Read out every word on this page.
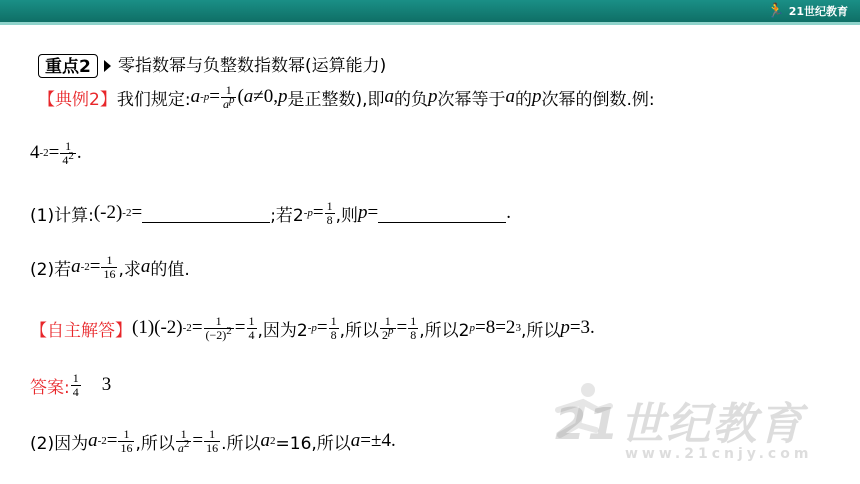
🏃 21世纪教育
重点2	零指数幂与负整数指数幂(运算能力)
【典例2】 我们规定: a $-p = \frac{1}{a^p}$ ( a ≠0, p 是正整数),即 a 的负 p 次幂等于 a 的 p 次幂的倒数.例:
4 $-2 = \frac{1}{4^2}$ .
(1)计算: (-2) -2 =	;若2 $-p = \frac{1}{8}$ ,则 p =	.
(2)若 a $-2 = \frac{1}{16}$ ,求 a 的值.
【自主解答】 (1)(-2) $-2 = \frac{1}{(-2)^2} = \frac{1}{4}$ ,因为2 $-p = \frac{1}{8}$ ,所以 $\frac{1}{2^p} = \frac{1}{8}$ ,所以2 p =8=2 3 ,所以 p =3.
答案: $\frac{1}{4} 3$
(2)因为 a $-2 = \frac{1}{16}$ ,所以 $\frac{1}{a^2} = \frac{1}{16}$ .所以 a 2 =16,所以 a =±4.	21世纪教育
www.21cnjy.com
